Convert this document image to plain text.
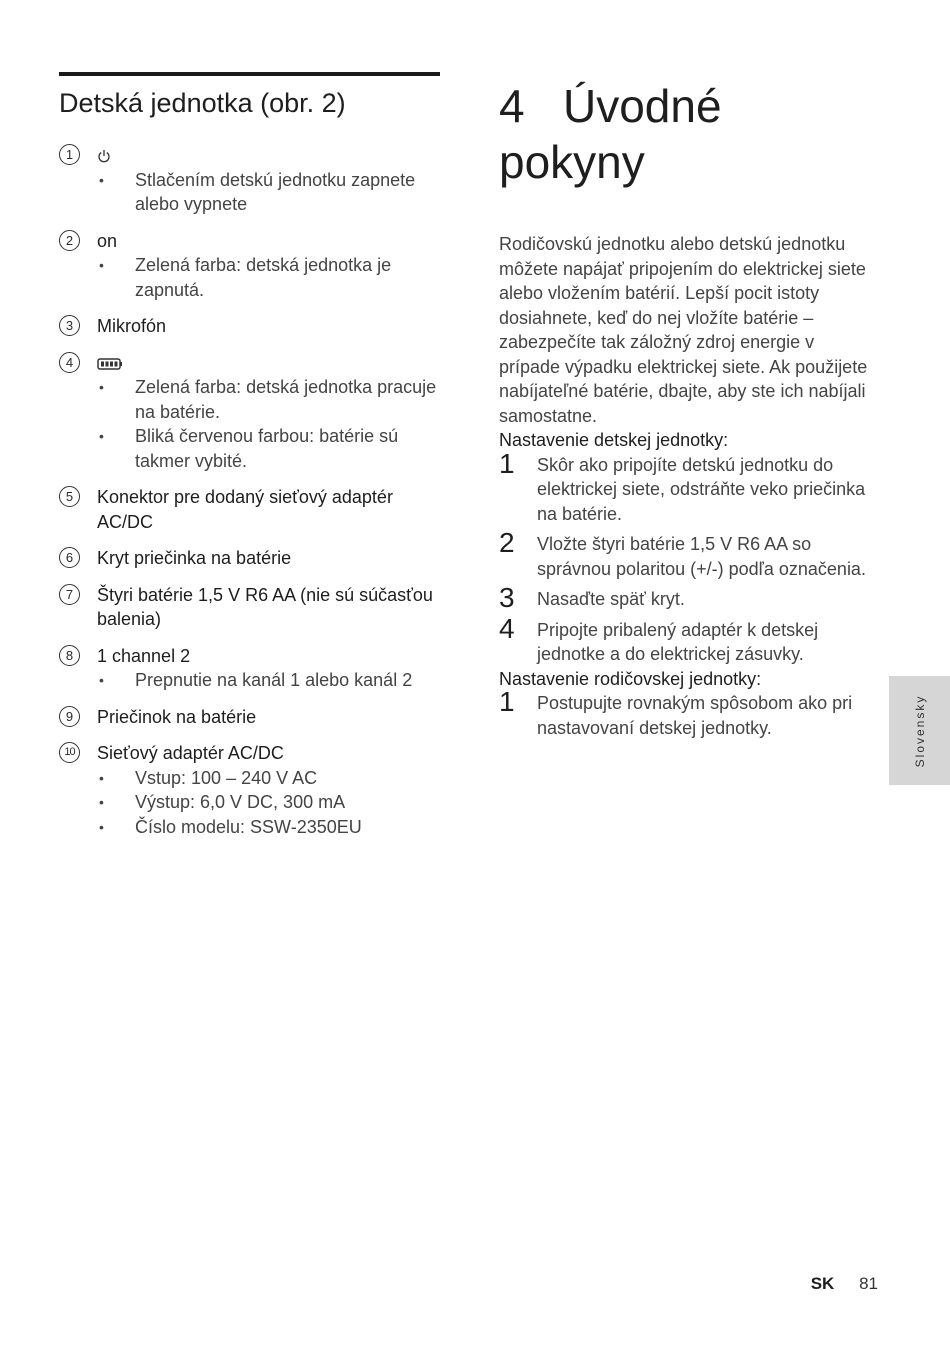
Detská jednotka (obr. 2)
1
• Stlačením detskú jednotku zapnete alebo vypnete
2	on
• Zelená farba: detská jednotka je zapnutá.
3	Mikrofón
4
• Zelená farba: detská jednotka pracuje na batérie.
• Bliká červenou farbou: batérie sú takmer vybité.
5	Konektor pre dodaný sieťový adaptér AC/DC
6	Kryt priečinka na batérie
7	Štyri batérie 1,5 V R6 AA (nie sú súčasťou balenia)
8	1 channel 2
• Prepnutie na kanál 1 alebo kanál 2
9	Priečinok na batérie
10 Sieťový adaptér AC/DC
• Vstup: 100 – 240 V AC
• Výstup: 6,0 V DC, 300 mA
• Číslo modelu: SSW-2350EU
4 Úvodné pokyny

Rodičovskú jednotku alebo detskú jednotku môžete napájať pripojením do elektrickej siete alebo vložením batérií. Lepší pocit istoty dosiahnete, keď do nej vložíte batérie – zabezpečíte tak záložný zdroj energie v prípade výpadku elektrickej siete. Ak použijete nabíjateľné batérie, dbajte, aby ste ich nabíjali samostatne.

Nastavenie detskej jednotky:
1 Skôr ako pripojíte detskú jednotku do elektrickej siete, odstráňte veko priečinka na batérie.
2 Vložte štyri batérie 1,5 V R6 AA so správnou polaritou (+/-) podľa označenia.
3 Nasaďte späť kryt.
4 Pripojte pribalený adaptér k detskej jednotke a do elektrickej zásuvky.
Nastavenie rodičovskej jednotky:
1 Postupujte rovnakým spôsobom ako pri nastavovaní detskej jednotky.	Slovensky
SK 81
